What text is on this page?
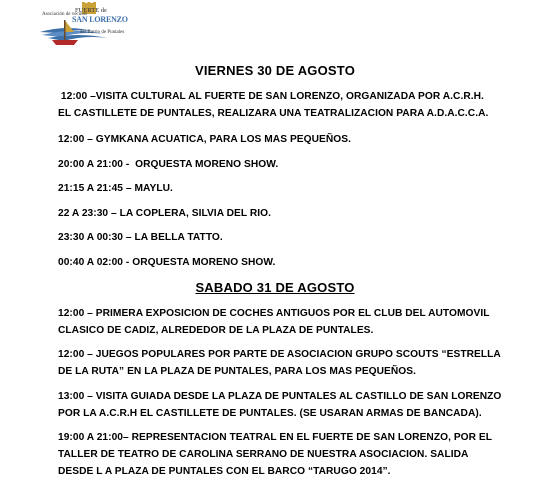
Asociación de vecinos
FUERTE de
SAN LORENZO
del Barrio de Puntales
VIERNES 30 DE AGOSTO
12:00 –VISITA CULTURAL AL FUERTE DE SAN LORENZO, ORGANIZADA POR A.C.R.H.
EL CASTILLETE DE PUNTALES, REALIZARA UNA TEATRALIZACION PARA A.D.A.C.C.A.
12:00 – GYMKANA ACUATICA, PARA LOS MAS PEQUEÑOS.
20:00 A 21:00 -  ORQUESTA MORENO SHOW.
21:15 A 21:45 – MAYLU.
22 A 23:30 – LA COPLERA, SILVIA DEL RIO.
23:30 A 00:30 – LA BELLA TATTO.
00:40 A 02:00 - ORQUESTA MORENO SHOW.
SABADO 31 DE AGOSTO
12:00 – PRIMERA EXPOSICION DE COCHES ANTIGUOS POR EL CLUB DEL AUTOMOVIL
CLASICO DE CADIZ, ALREDEDOR DE LA PLAZA DE PUNTALES.
12:00 – JUEGOS POPULARES POR PARTE DE ASOCIACION GRUPO SCOUTS “ESTRELLA
DE LA RUTA” EN LA PLAZA DE PUNTALES, PARA LOS MAS PEQUEÑOS.
13:00 – VISITA GUIADA DESDE LA PLAZA DE PUNTALES AL CASTILLO DE SAN LORENZO
POR LA A.C.R.H EL CASTILLETE DE PUNTALES. (SE USARAN ARMAS DE BANCADA).
19:00 A 21:00– REPRESENTACION TEATRAL EN EL FUERTE DE SAN LORENZO, POR EL
TALLER DE TEATRO DE CAROLINA SERRANO DE NUESTRA ASOCIACION. SALIDA
DESDE L A PLAZA DE PUNTALES CON EL BARCO “TARUGO 2014”.
